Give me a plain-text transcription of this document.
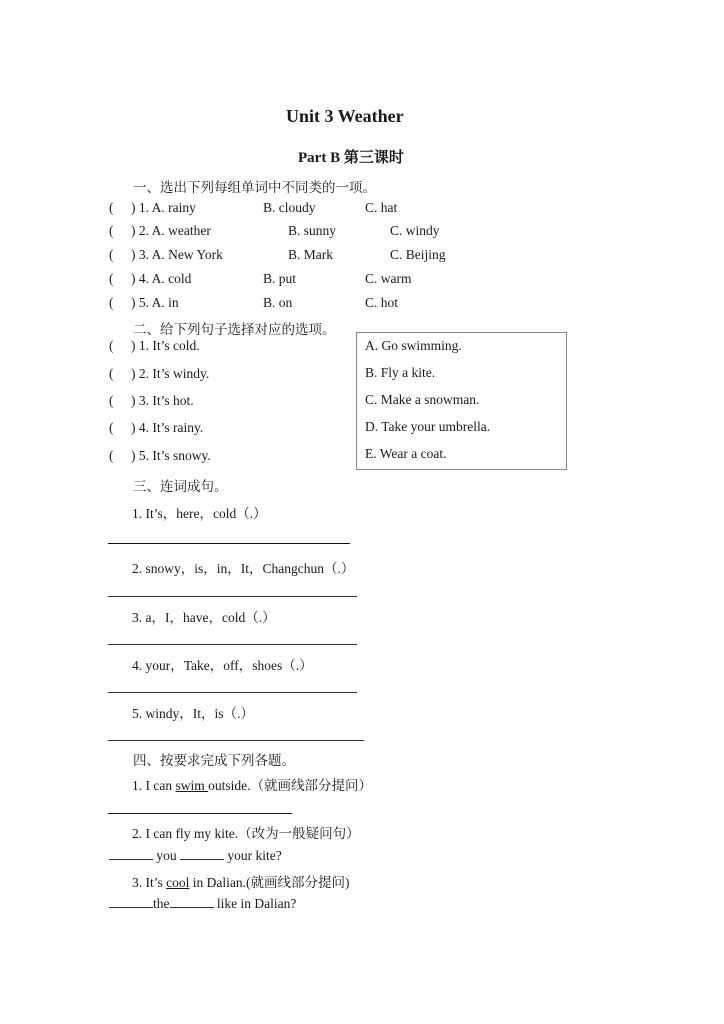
Unit 3 Weather
Part B 第三课时
一、选出下列每组单词中不同类的一项。
( ) 1. A. rainy	B. cloudy	C. hat
( ) 2. A. weather	B. sunny	C. windy
( ) 3. A. New York	B. Mark	C. Beijing
( ) 4. A. cold	B. put	C. warm
( ) 5. A. in	B. on	C. hot
二、给下列句子选择对应的选项。
( ) 1. It’s cold.
( ) 2. It’s windy.
( ) 3. It’s hot.
( ) 4. It’s rainy.
( ) 5. It’s snowy.
A. Go swimming.
B. Fly a kite.
C. Make a snowman.
D. Take your umbrella.
E. Wear a coat.
三、连词成句。
1. It’s，here，cold（.）
2. snowy，is，in，It，Changchun（.）
3. a，I，have，cold（.）
4. your，Take，off，shoes（.）
5. windy，It，is（.）
四、按要求完成下列各题。
1. I can swim outside.（就画线部分提问）
2. I can fly my kite.（改为一般疑问句）
you	your kite?
3. It’s cool in Dalian.(就画线部分提问)
the	like in Dalian?
